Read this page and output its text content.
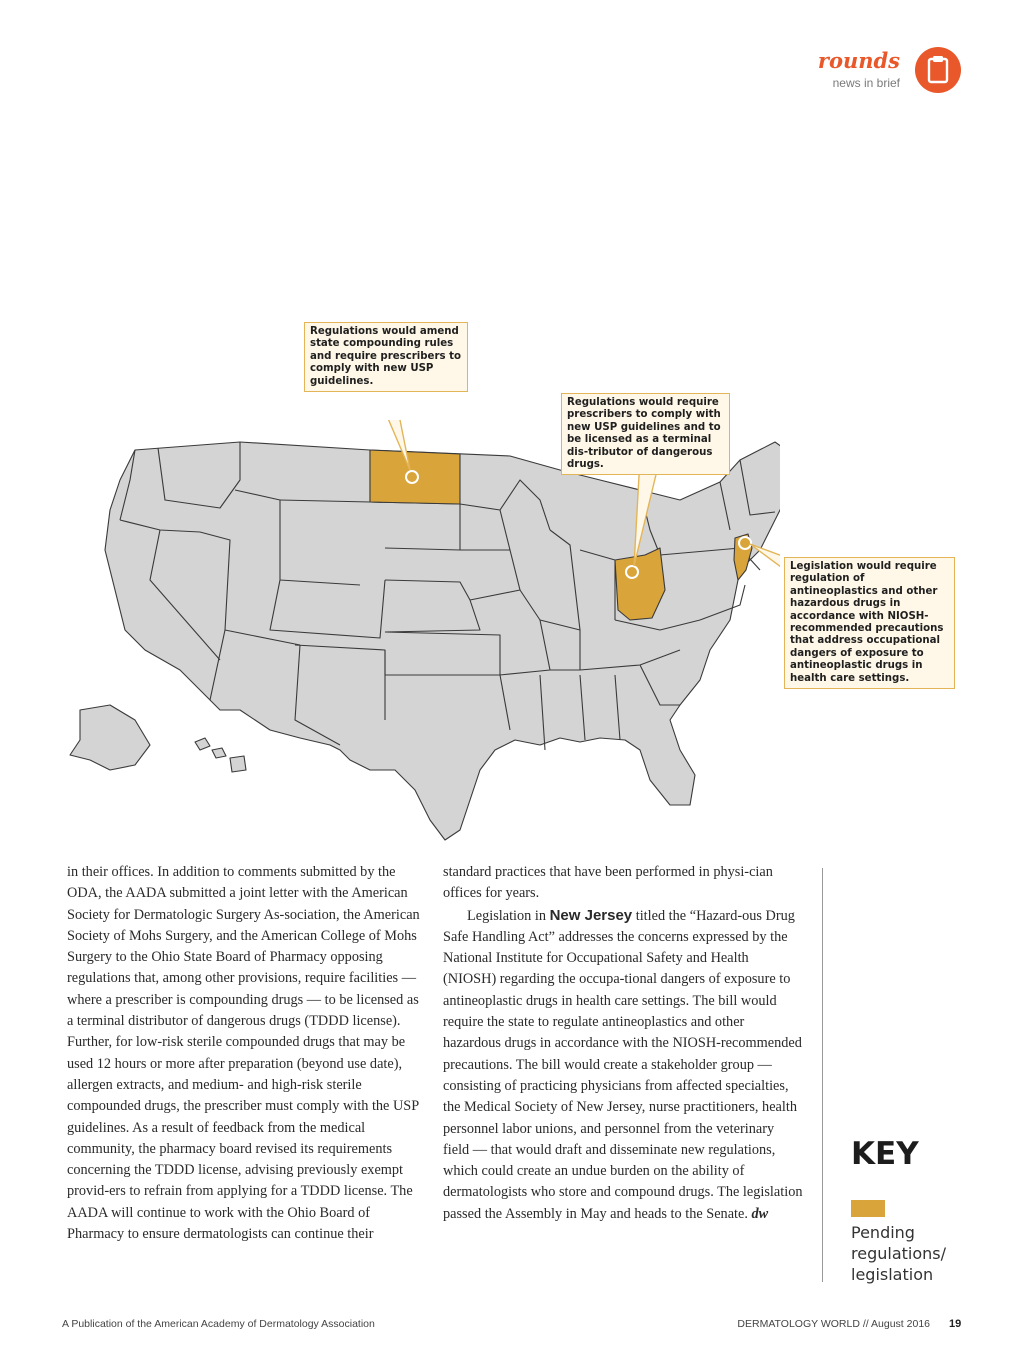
rounds
news in brief
Regulations would amend state compounding rules and require prescribers to comply with new USP guidelines.
Regulations would require prescribers to comply with new USP guidelines and to be licensed as a terminal dis-tributor of dangerous drugs.
Legislation would require regulation of antineoplastics and other hazardous drugs in accordance with NIOSH-recommended precautions that address occupational dangers of exposure to antineoplastic drugs in health care settings.

in their offices. In addition to comments submitted by the ODA, the AADA submitted a joint letter with the American Society for Dermatologic Surgery As-sociation, the American Society of Mohs Surgery, and the American College of Mohs Surgery to the Ohio State Board of Pharmacy opposing regulations that, among other provisions, require facilities — where a prescriber is compounding drugs — to be licensed as a terminal distributor of dangerous drugs (TDDD license). Further, for low-risk sterile compounded drugs that may be used 12 hours or more after preparation (beyond use date), allergen extracts, and medium- and high-risk sterile compounded drugs, the prescriber must comply with the USP guidelines. As a result of feedback from the medical community, the pharmacy board revised its requirements concerning the TDDD license, advising previously exempt provid-ers to refrain from applying for a TDDD license. The AADA will continue to work with the Ohio Board of Pharmacy to ensure dermatologists can continue their

standard practices that have been performed in physi-cian offices for years.

Legislation in New Jersey titled the “Hazard-ous Drug Safe Handling Act” addresses the concerns expressed by the National Institute for Occupational Safety and Health (NIOSH) regarding the occupa-tional dangers of exposure to antineoplastic drugs in health care settings. The bill would require the state to regulate antineoplastics and other hazardous drugs in accordance with the NIOSH-recommended precautions. The bill would create a stakeholder group — consisting of practicing physicians from affected specialties, the Medical Society of New Jersey, nurse practitioners, health personnel labor unions, and personnel from the veterinary field — that would draft and disseminate new regulations, which could create an undue burden on the ability of dermatologists who store and compound drugs. The legislation passed the Assembly in May and heads to the Senate. dw

KEY
Pending regulations/ legislation
A Publication of the American Academy of Dermatology Association	DERMATOLOGY WORLD // August 2016 19
